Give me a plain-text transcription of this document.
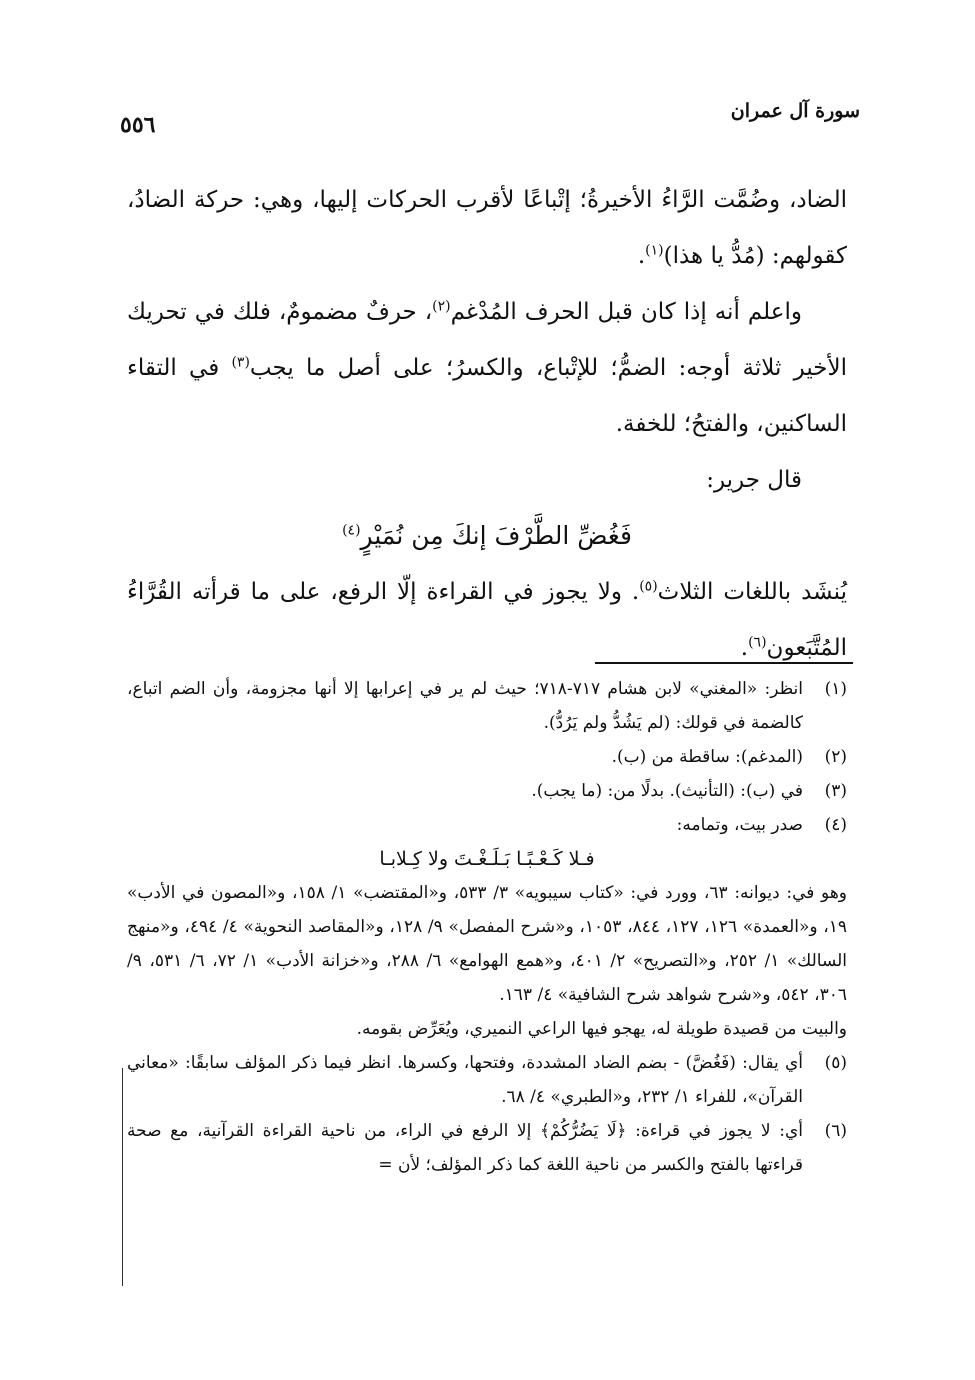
سورة آل عمران
٥٥٦

الضاد، وضُمَّت الرَّاءُ الأخيرةُ؛ إتْباعًا لأقرب الحركات إليها، وهي: حركة الضادُ، كقولهم: (مُدُّ يا هذا)$^{(١)}$.

واعلم أنه إذا كان قبل الحرف المُدْغم$^{(٢)}$، حرفٌ مضمومٌ، فلك في تحريك الأخير ثلاثة أوجه: الضمُّ؛ للإتْباع، والكسرُ؛ على أصل ما يجب$^{(٣)}$ في التقاء الساكنين، والفتحُ؛ للخفة.

قال جرير:

فَغُضِّ الطَّرْفَ إنكَ مِن نُمَيْرٍ$^{(٤)}$

يُنشَد باللغات الثلاث$^{(٥)}$. ولا يجوز في القراءة إلّا الرفع، على ما قرأته القُرَّاءُ المُتَّبَعون$^{(٦)}$.

(١)
انظر: «المغني» لابن هشام ٧١٧-٧١٨؛ حيث لم ير في إعرابها إلا أنها مجزومة، وأن الضم اتباع، كالضمة في قولك: (لم يَشُدُّ ولم يَرُدُّ).
(٢)
(المدغم): ساقطة من (ب).
(٣)
في (ب): (التأنيث). بدلًا من: (ما يجب).
(٤)
صدر بيت، وتمامه:
فـلا كَـعْـبًـا بَـلَـغْـتَ ولا كِـلابـا
وهو في: ديوانه: ٦٣، وورد في: «كتاب سيبويه» ٣/ ٥٣٣، و«المقتضب» ١/ ١٥٨، و«المصون في الأدب» ١٩، و«العمدة» ١٢٦، ١٢٧، ٨٤٤، ١٠٥٣، و«شرح المفصل» ٩/ ١٢٨، و«المقاصد النحوية» ٤/ ٤٩٤، و«منهج السالك» ١/ ٢٥٢، و«التصريح» ٢/ ٤٠١، و«همع الهوامع» ٦/ ٢٨٨، و«خزانة الأدب» ١/ ٧٢، ٦/ ٥٣١، ٩/ ٣٠٦، ٥٤٢، و«شرح شواهد شرح الشافية» ٤/ ١٦٣.
والبيت من قصيدة طويلة له، يهجو فيها الراعي النميري، ويُعَرِّض بقومه.
(٥)
أي يقال: (فَغُضَّ) - بضم الضاد المشددة، وفتحها، وكسرها. انظر فيما ذكر المؤلف سابقًا: «معاني القرآن»، للفراء ١/ ٢٣٢، و«الطبري» ٤/ ٦٨.
(٦)
أي: لا يجوز في قراءة: ﴿لَا يَضُرُّكُمْ﴾ إلا الرفع في الراء، من ناحية القراءة القرآنية، مع صحة قراءتها بالفتح والكسر من ناحية اللغة كما ذكر المؤلف؛ لأن =
